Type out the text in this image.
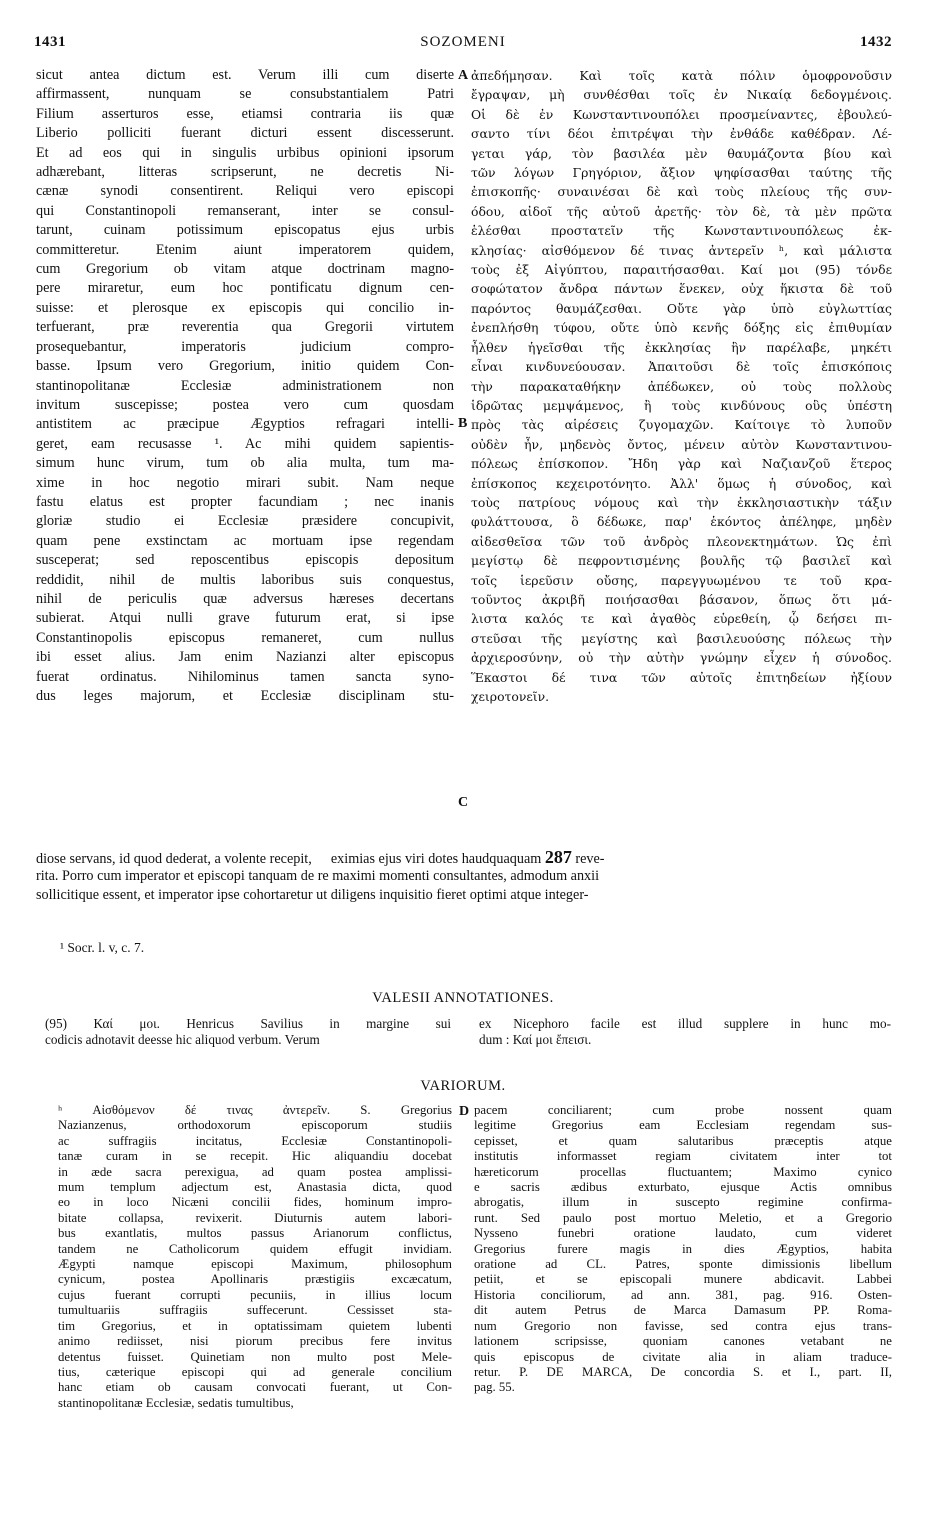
1431	SOZOMENI	1432
sicut antea dictum est. Verum illi cum diserte
affirmassent, nunquam se consubstantialem Patri
Filium asserturos esse, etiamsi contraria iis quæ
Liberio polliciti fuerant dicturi essent discesserunt.
Et ad eos qui in singulis urbibus opinioni ipsorum
adhærebant, litteras scripserunt, ne decretis Ni-
cænæ synodi consentirent. Reliqui vero episcopi
qui Constantinopoli remanserant, inter se consul-
tarunt, cuinam potissimum episcopatus ejus urbis
committeretur. Etenim aiunt imperatorem quidem,
cum Gregorium ob vitam atque doctrinam magno-
pere miraretur, eum hoc pontificatu dignum cen-
suisse: et plerosque ex episcopis qui concilio in-
terfuerant, præ reverentia qua Gregorii virtutem
prosequebantur, imperatoris judicium compro-
basse. Ipsum vero Gregorium, initio quidem Con-
stantinopolitanæ Ecclesiæ administrationem non
invitum suscepisse; postea vero cum quosdam
antistitem ac præcipue Ægyptios refragari intelli-
geret, eam recusasse ¹. Ac mihi quidem sapientis-
simum hunc virum, tum ob alia multa, tum ma-
xime in hoc negotio mirari subit. Nam neque
fastu elatus est propter facundiam ; nec inanis
gloriæ studio ei Ecclesiæ præsidere concupivit,
quam pene exstinctam ac mortuam ipse regendam
susceperat; sed reposcentibus episcopis depositum
reddidit, nihil de multis laboribus suis conquestus,
nihil de periculis quæ adversus hæreses decertans
subierat. Atqui nulli grave futurum erat, si ipse
Constantinopolis episcopus remaneret, cum nullus
ibi esset alius. Jam enim Nazianzi alter episcopus
fuerat ordinatus. Nihilominus tamen sancta syno-
dus leges majorum, et Ecclesiæ disciplinam stu-
ἀπεδήμησαν. Καὶ τοῖς κατὰ πόλιν ὁμοφρονοῦσιν
ἔγραψαν, μὴ συνθέσθαι τοῖς ἐν Νικαίᾳ δεδογμένοις.
Οἱ δὲ ἐν Κωνσταντινουπόλει προσμείναντες, ἐβουλεύ-
σαντο τίνι δέοι ἐπιτρέψαι τὴν ἐνθάδε καθέδραν. Λέ-
γεται γάρ, τὸν βασιλέα μὲν θαυμάζοντα βίου καὶ
τῶν λόγων Γρηγόριον, ἄξιον ψηφίσασθαι ταύτης τῆς
ἐπισκοπῆς· συναινέσαι δὲ καὶ τοὺς πλείους τῆς συν-
όδου, αἰδοῖ τῆς αὐτοῦ ἀρετῆς· τὸν δὲ, τὰ μὲν πρῶτα
ἑλέσθαι προστατεῖν τῆς Κωνσταντινουπόλεως ἐκ-
κλησίας· αἰσθόμενον δέ τινας ἀντερεῖν ʰ, καὶ μάλιστα
τοὺς ἐξ Αἰγύπτου, παραιτήσασθαι. Καί μοι (95) τόνδε
σοφώτατον ἄνδρα πάντων ἕνεκεν, οὐχ ἥκιστα δὲ τοῦ
παρόντος θαυμάζεσθαι. Οὔτε γὰρ ὑπὸ εὐγλωττίας
ἐνεπλήσθη τύφου, οὔτε ὑπὸ κενῆς δόξης εἰς ἐπιθυμίαν
ἦλθεν ἡγεῖσθαι τῆς ἐκκλησίας ἣν παρέλαβε, μηκέτι
εἶναι κινδυνεύουσαν. Ἀπαιτοῦσι δὲ τοῖς ἐπισκόποις
τὴν παρακαταθήκην ἀπέδωκεν, οὐ τοὺς πολλοὺς
ἱδρῶτας μεμψάμενος, ἢ τοὺς κινδύνους οὓς ὑπέστη
πρὸς τὰς αἱρέσεις ζυγομαχῶν. Καίτοιγε τὸ λυποῦν
οὐδὲν ἦν, μηδενὸς ὄντος, μένειν αὐτὸν Κωνσταντινου-
πόλεως ἐπίσκοπον. Ἤδη γὰρ καὶ Ναζιανζοῦ ἕτερος
ἐπίσκοπος κεχειροτόνητο. Ἀλλ' ὅμως ἡ σύνοδος, καὶ
τοὺς πατρίους νόμους καὶ τὴν ἐκκλησιαστικὴν τάξιν
φυλάττουσα, ὃ δέδωκε, παρ' ἑκόντος ἀπέληφε, μηδὲν
αἰδεσθεῖσα τῶν τοῦ ἀνδρὸς πλεονεκτημάτων. Ὡς ἐπὶ
μεγίστῳ δὲ πεφροντισμένης βουλῆς τῷ βασιλεῖ καὶ
τοῖς ἱερεῦσιν οὔσης, παρεγγυωμένου τε τοῦ κρα-
τοῦντος ἀκριβῆ ποιήσασθαι βάσανον, ὅπως ὅτι μά-
λιστα καλός τε καὶ ἀγαθὸς εὑρεθείη, ᾧ δεήσει πι-
στεῦσαι τῆς μεγίστης καὶ βασιλευούσης πόλεως τὴν
ἀρχιεροσύνην, οὐ τὴν αὐτὴν γνώμην εἶχεν ἡ σύνοδος.
Ἕκαστοι δέ τινα τῶν αὐτοῖς ἐπιτηδείων ἠξίουν
χειροτονεῖν.
A
B
C
D
diose servans, id quod dederat, a volente recepit, eximias ejus viri dotes haudquaquam 287 reve-
rita. Porro cum imperator et episcopi tanquam de re maximi momenti consultantes, admodum anxii
sollicitique essent, et imperator ipse cohortaretur ut diligens inquisitio fieret optimi atque integer-
¹ Socr. l. v, c. 7.
VALESII ANNOTATIONES.
(95) Καί μοι. Henricus Savilius in margine sui
codicis adnotavit deesse hic aliquod verbum. Verum
ex Nicephoro facile est illud supplere in hunc mo-
dum : Καί μοι ἔπεισι.
VARIORUM.
ʰ Αἰσθόμενον δέ τινας ἀντερεῖν. S. Gregorius
Nazianzenus, orthodoxorum episcoporum studiis
ac suffragiis incitatus, Ecclesiæ Constantinopoli-
tanæ curam in se recepit. Hic aliquandiu docebat
in æde sacra perexigua, ad quam postea amplissi-
mum templum adjectum est, Anastasia dicta, quod
eo in loco Nicæni concilii fides, hominum impro-
bitate collapsa, revixerit. Diuturnis autem labori-
bus exantlatis, multos passus Arianorum conflictus,
tandem ne Catholicorum quidem effugit invidiam.
Ægypti namque episcopi Maximum, philosophum
cynicum, postea Apollinaris præstigiis excæcatum,
cujus fuerant corrupti pecuniis, in illius locum
tumultuariis suffragiis suffecerunt. Cessisset sta-
tim Gregorius, et in optatissimam quietem lubenti
animo rediisset, nisi piorum precibus fere invitus
detentus fuisset. Quinetiam non multo post Mele-
tius, cæterique episcopi qui ad generale concilium
hanc etiam ob causam convocati fuerant, ut Con-
stantinopolitanæ Ecclesiæ, sedatis tumultibus,
pacem conciliarent; cum probe nossent quam
legitime Gregorius eam Ecclesiam regendam sus-
cepisset, et quam salutaribus præceptis atque
institutis informasset regiam civitatem inter tot
hæreticorum procellas fluctuantem; Maximo cynico
e sacris ædibus exturbato, ejusque Actis omnibus
abrogatis, illum in suscepto regimine confirma-
runt. Sed paulo post mortuo Meletio, et a Gregorio
Nysseno funebri oratione laudato, cum videret
Gregorius furere magis in dies Ægyptios, habita
oratione ad CL. Patres, sponte dimissionis libellum
petiit, et se episcopali munere abdicavit. Labbei
Historia conciliorum, ad ann. 381, pag. 916. Osten-
dit autem Petrus de Marca Damasum PP. Roma-
num Gregorio non favisse, sed contra ejus trans-
lationem scripsisse, quoniam canones vetabant ne
quis episcopus de civitate alia in aliam traduce-
retur. P. DE MARCA, De concordia S. et I., part. II,
pag. 55.
